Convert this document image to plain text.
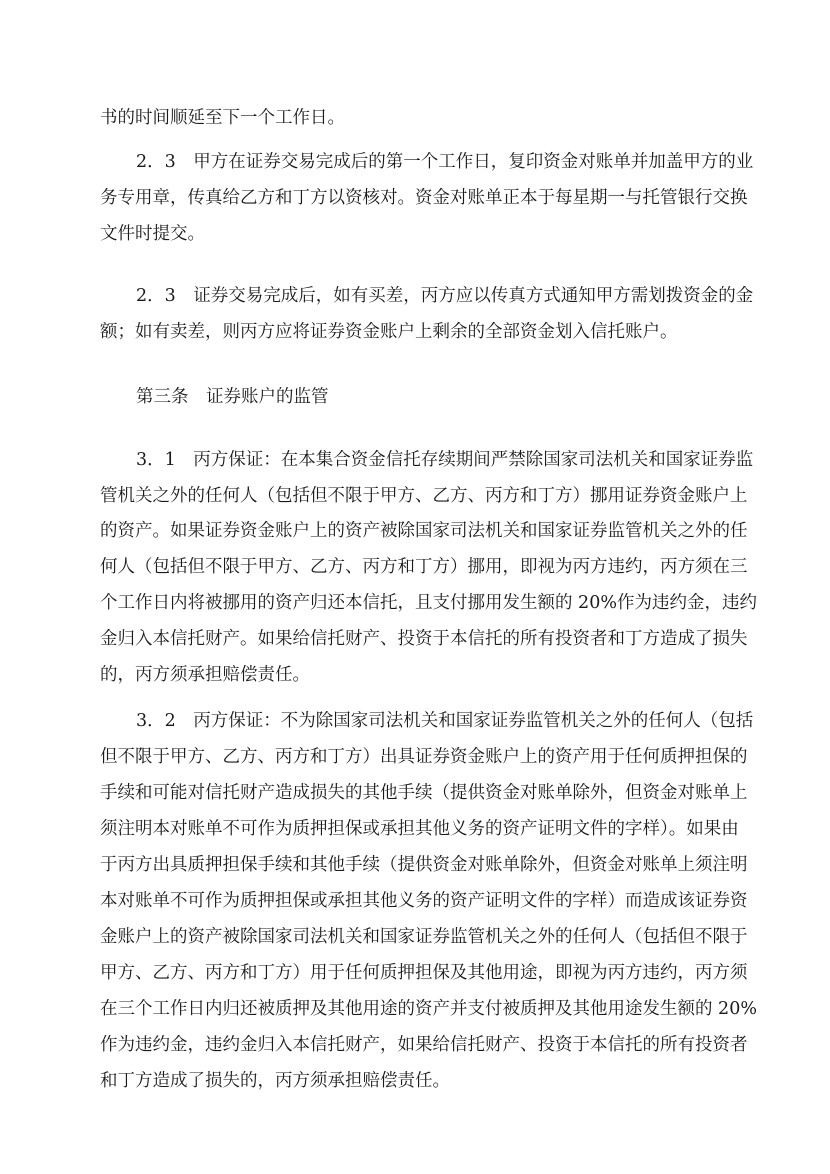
书的时间顺延至下一个工作日。
2．3　甲方在证券交易完成后的第一个工作日，复印资金对账单并加盖甲方的业
务专用章，传真给乙方和丁方以资核对。资金对账单正本于每星期一与托管银行交换
文件时提交。
2．3　证券交易完成后，如有买差，丙方应以传真方式通知甲方需划拨资金的金
额；如有卖差，则丙方应将证券资金账户上剩余的全部资金划入信托账户。
第三条　证券账户的监管
3．1　丙方保证：在本集合资金信托存续期间严禁除国家司法机关和国家证券监
管机关之外的任何人（包括但不限于甲方、乙方、丙方和丁方）挪用证券资金账户上
的资产。如果证券资金账户上的资产被除国家司法机关和国家证券监管机关之外的任
何人（包括但不限于甲方、乙方、丙方和丁方）挪用，即视为丙方违约，丙方须在三
个工作日内将被挪用的资产归还本信托，且支付挪用发生额的 20%作为违约金，违约
金归入本信托财产。如果给信托财产、投资于本信托的所有投资者和丁方造成了损失
的，丙方须承担赔偿责任。
3．2　丙方保证：不为除国家司法机关和国家证券监管机关之外的任何人（包括
但不限于甲方、乙方、丙方和丁方）出具证券资金账户上的资产用于任何质押担保的
手续和可能对信托财产造成损失的其他手续（提供资金对账单除外，但资金对账单上
须注明本对账单不可作为质押担保或承担其他义务的资产证明文件的字样）。如果由
于丙方出具质押担保手续和其他手续（提供资金对账单除外，但资金对账单上须注明
本对账单不可作为质押担保或承担其他义务的资产证明文件的字样）而造成该证券资
金账户上的资产被除国家司法机关和国家证券监管机关之外的任何人（包括但不限于
甲方、乙方、丙方和丁方）用于任何质押担保及其他用途，即视为丙方违约，丙方须
在三个工作日内归还被质押及其他用途的资产并支付被质押及其他用途发生额的 20%
作为违约金，违约金归入本信托财产，如果给信托财产、投资于本信托的所有投资者
和丁方造成了损失的，丙方须承担赔偿责任。
